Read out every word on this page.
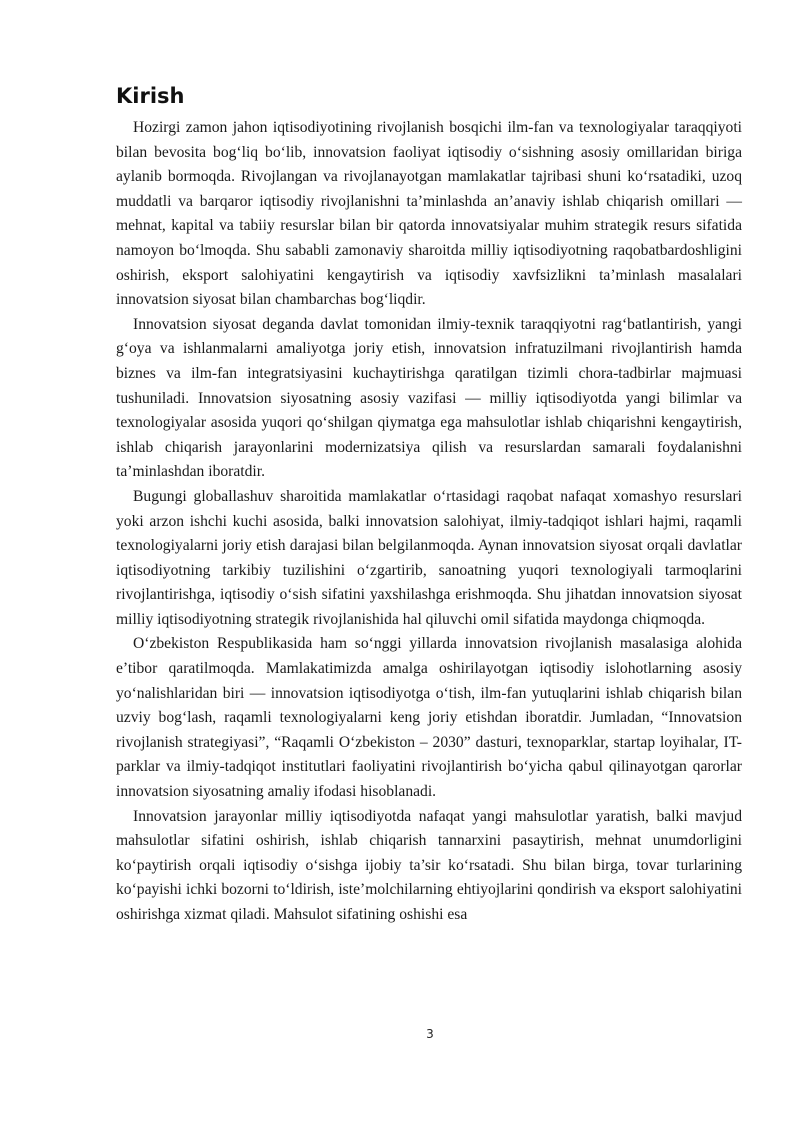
Kirish

Hozirgi zamon jahon iqtisodiyotining rivojlanish bosqichi ilm-fan va texnologiyalar taraqqiyoti bilan bevosita bog‘liq bo‘lib, innovatsion faoliyat iqtisodiy o‘sishning asosiy omillaridan biriga aylanib bormoqda. Rivojlangan va rivojlanayotgan mamlakatlar tajribasi shuni ko‘rsatadiki, uzoq muddatli va barqaror iqtisodiy rivojlanishni ta’minlashda an’anaviy ishlab chiqarish omillari — mehnat, kapital va tabiiy resurslar bilan bir qatorda innovatsiyalar muhim strategik resurs sifatida namoyon bo‘lmoqda. Shu sababli zamonaviy sharoitda milliy iqtisodiyotning raqobatbardoshligini oshirish, eksport salohiyatini kengaytirish va iqtisodiy xavfsizlikni ta’minlash masalalari innovatsion siyosat bilan chambarchas bog‘liqdir.

Innovatsion siyosat deganda davlat tomonidan ilmiy-texnik taraqqiyotni rag‘batlantirish, yangi g‘oya va ishlanmalarni amaliyotga joriy etish, innovatsion infratuzilmani rivojlantirish hamda biznes va ilm-fan integratsiyasini kuchaytirishga qaratilgan tizimli chora-tadbirlar majmuasi tushuniladi. Innovatsion siyosatning asosiy vazifasi — milliy iqtisodiyotda yangi bilimlar va texnologiyalar asosida yuqori qo‘shilgan qiymatga ega mahsulotlar ishlab chiqarishni kengaytirish, ishlab chiqarish jarayonlarini modernizatsiya qilish va resurslardan samarali foydalanishni ta’minlashdan iboratdir.

Bugungi globallashuv sharoitida mamlakatlar o‘rtasidagi raqobat nafaqat xomashyo resurslari yoki arzon ishchi kuchi asosida, balki innovatsion salohiyat, ilmiy-tadqiqot ishlari hajmi, raqamli texnologiyalarni joriy etish darajasi bilan belgilanmoqda. Aynan innovatsion siyosat orqali davlatlar iqtisodiyotning tarkibiy tuzilishini o‘zgartirib, sanoatning yuqori texnologiyali tarmoqlarini rivojlantirishga, iqtisodiy o‘sish sifatini yaxshilashga erishmoqda. Shu jihatdan innovatsion siyosat milliy iqtisodiyotning strategik rivojlanishida hal qiluvchi omil sifatida maydonga chiqmoqda.

O‘zbekiston Respublikasida ham so‘nggi yillarda innovatsion rivojlanish masalasiga alohida e’tibor qaratilmoqda. Mamlakatimizda amalga oshirilayotgan iqtisodiy islohotlarning asosiy yo‘nalishlaridan biri — innovatsion iqtisodiyotga o‘tish, ilm-fan yutuqlarini ishlab chiqarish bilan uzviy bog‘lash, raqamli texnologiyalarni keng joriy etishdan iboratdir. Jumladan, “Innovatsion rivojlanish strategiyasi”, “Raqamli O‘zbekiston – 2030” dasturi, texnoparklar, startap loyihalar, IT-parklar va ilmiy-tadqiqot institutlari faoliyatini rivojlantirish bo‘yicha qabul qilinayotgan qarorlar innovatsion siyosatning amaliy ifodasi hisoblanadi.

Innovatsion jarayonlar milliy iqtisodiyotda nafaqat yangi mahsulotlar yaratish, balki mavjud mahsulotlar sifatini oshirish, ishlab chiqarish tannarxini pasaytirish, mehnat unumdorligini ko‘paytirish orqali iqtisodiy o‘sishga ijobiy ta’sir ko‘rsatadi. Shu bilan birga, tovar turlarining ko‘payishi ichki bozorni to‘ldirish, iste’molchilarning ehtiyojlarini qondirish va eksport salohiyatini oshirishga xizmat qiladi. Mahsulot sifatining oshishi esa

3
